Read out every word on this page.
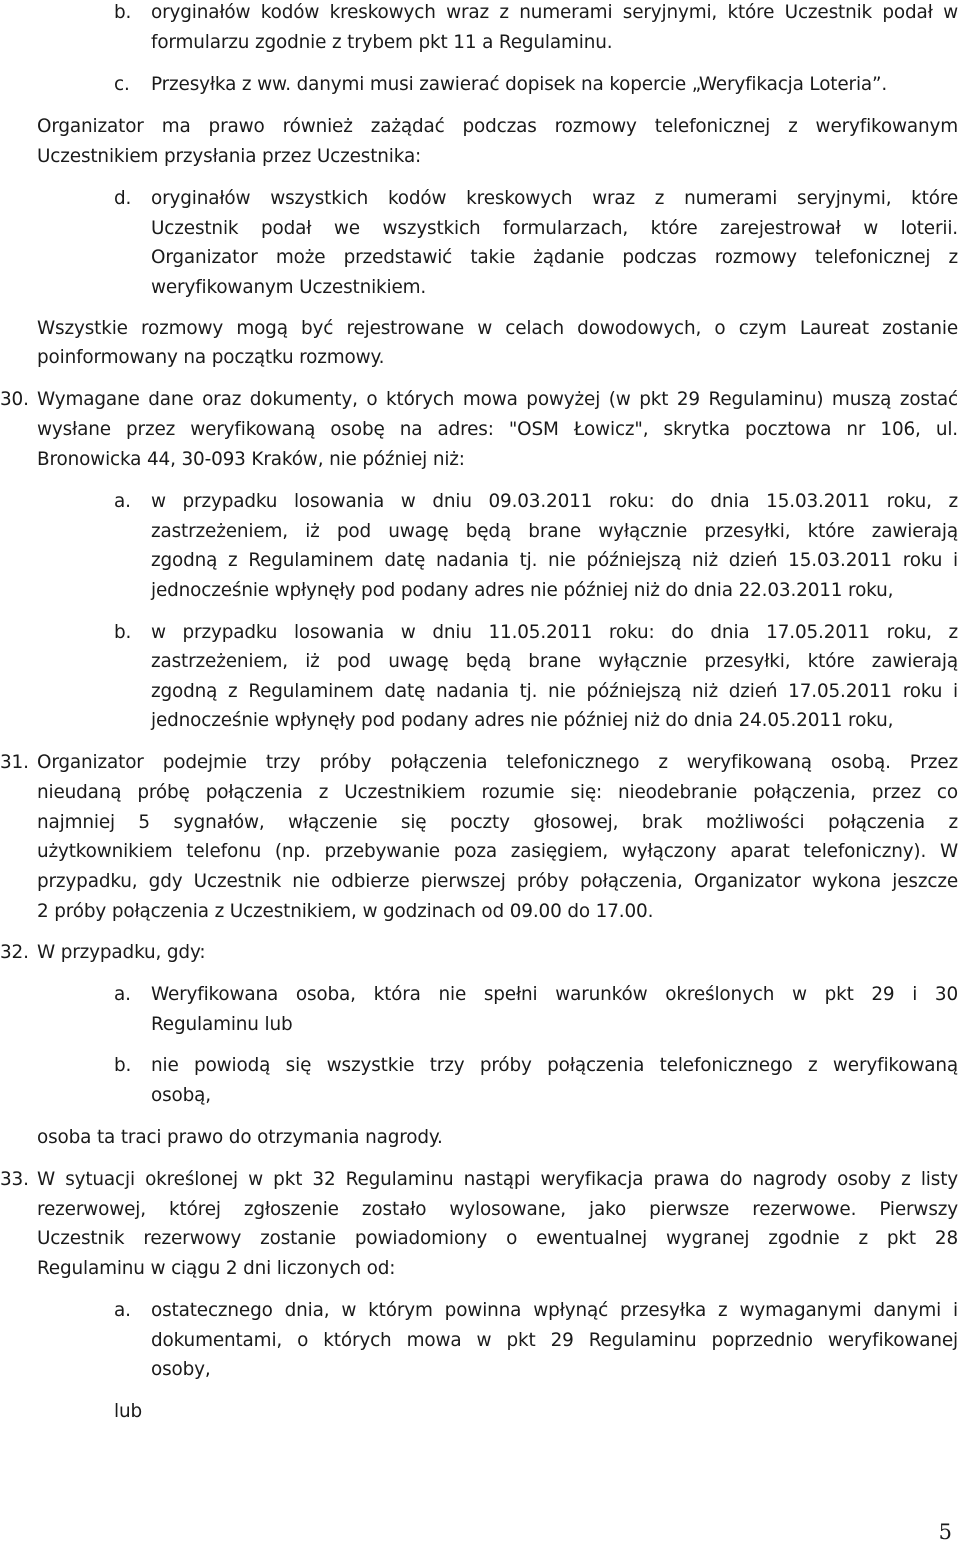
b. oryginałów kodów kreskowych wraz z numerami seryjnymi, które Uczestnik podał w
formularzu zgodnie z trybem pkt 11 a Regulaminu.
c. Przesyłka z ww. danymi musi zawierać dopisek na kopercie „Weryfikacja Loteria”.
Organizator ma prawo również zażądać podczas rozmowy telefonicznej z weryfikowanym
Uczestnikiem przysłania przez Uczestnika:
d. oryginałów wszystkich kodów kreskowych wraz z numerami seryjnymi, które
Uczestnik podał we wszystkich formularzach, które zarejestrował w loterii.
Organizator może przedstawić takie żądanie podczas rozmowy telefonicznej z
weryfikowanym Uczestnikiem.
Wszystkie rozmowy mogą być rejestrowane w celach dowodowych, o czym Laureat zostanie
poinformowany na początku rozmowy.
30. Wymagane dane oraz dokumenty, o których mowa powyżej (w pkt 29 Regulaminu) muszą zostać
wysłane przez weryfikowaną osobę na adres: "OSM Łowicz", skrytka pocztowa nr 106, ul.
Bronowicka 44, 30-093 Kraków, nie później niż:
a. w przypadku losowania w dniu 09.03.2011 roku: do dnia 15.03.2011 roku, z
zastrzeżeniem, iż pod uwagę będą brane wyłącznie przesyłki, które zawierają
zgodną z Regulaminem datę nadania tj. nie późniejszą niż dzień 15.03.2011 roku i
jednocześnie wpłynęły pod podany adres nie później niż do dnia 22.03.2011 roku,
b. w przypadku losowania w dniu 11.05.2011 roku: do dnia 17.05.2011 roku, z
zastrzeżeniem, iż pod uwagę będą brane wyłącznie przesyłki, które zawierają
zgodną z Regulaminem datę nadania tj. nie późniejszą niż dzień 17.05.2011 roku i
jednocześnie wpłynęły pod podany adres nie później niż do dnia 24.05.2011 roku,
31. Organizator podejmie trzy próby połączenia telefonicznego z weryfikowaną osobą. Przez
nieudaną próbę połączenia z Uczestnikiem rozumie się: nieodebranie połączenia, przez co
najmniej 5 sygnałów, włączenie się poczty głosowej, brak możliwości połączenia z
użytkownikiem telefonu (np. przebywanie poza zasięgiem, wyłączony aparat telefoniczny). W
przypadku, gdy Uczestnik nie odbierze pierwszej próby połączenia, Organizator wykona jeszcze
2 próby połączenia z Uczestnikiem, w godzinach od 09.00 do 17.00.
32. W przypadku, gdy:
a. Weryfikowana osoba, która nie spełni warunków określonych w pkt 29 i 30
Regulaminu lub
b. nie powiodą się wszystkie trzy próby połączenia telefonicznego z weryfikowaną
osobą,
osoba ta traci prawo do otrzymania nagrody.
33. W sytuacji określonej w pkt 32 Regulaminu nastąpi weryfikacja prawa do nagrody osoby z listy
rezerwowej, której zgłoszenie zostało wylosowane, jako pierwsze rezerwowe. Pierwszy
Uczestnik rezerwowy zostanie powiadomiony o ewentualnej wygranej zgodnie z pkt 28
Regulaminu w ciągu 2 dni liczonych od:
a. ostatecznego dnia, w którym powinna wpłynąć przesyłka z wymaganymi danymi i
dokumentami, o których mowa w pkt 29 Regulaminu poprzednio weryfikowanej
osoby,
lub
5
